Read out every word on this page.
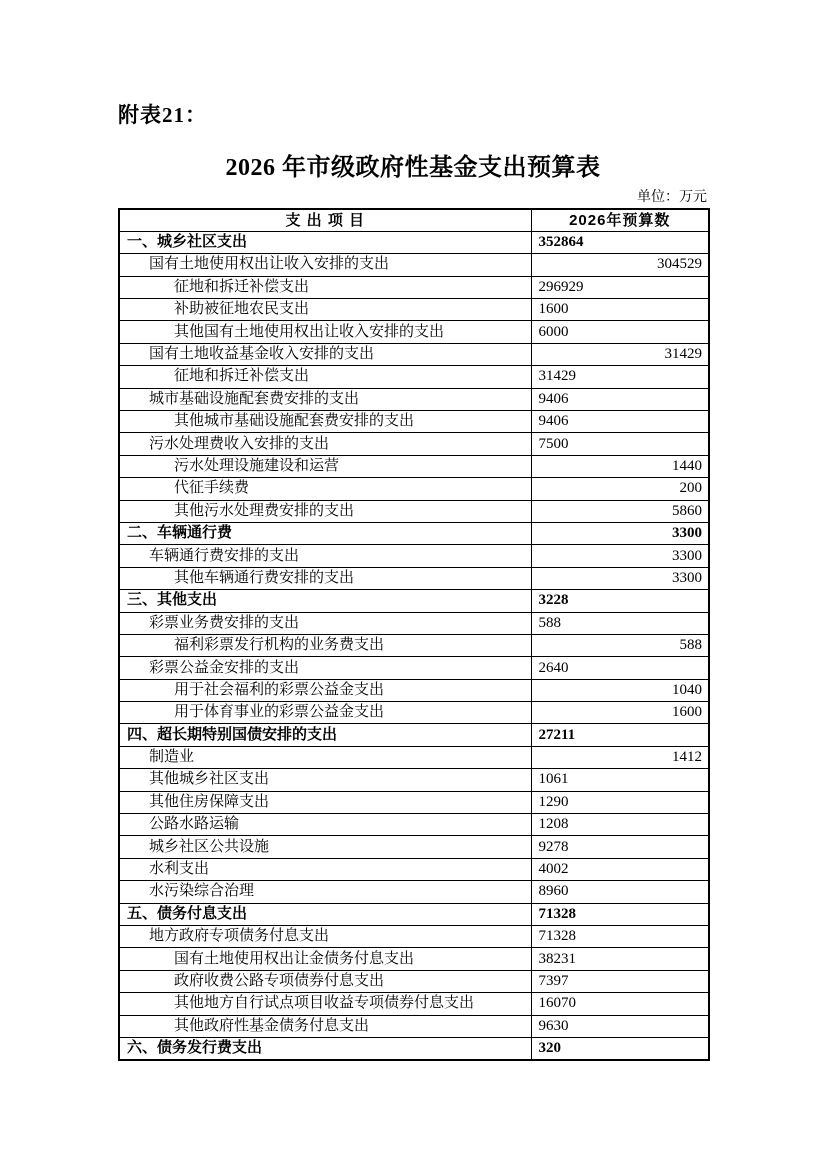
附表21：
2026 年市级政府性基金支出预算表
单位：万元
支 出 项 目	2026年预算数
一、城乡社区支出	352864
国有土地使用权出让收入安排的支出	304529
征地和拆迁补偿支出	296929
补助被征地农民支出	1600
其他国有土地使用权出让收入安排的支出	6000
国有土地收益基金收入安排的支出	31429
征地和拆迁补偿支出	31429
城市基础设施配套费安排的支出	9406
其他城市基础设施配套费安排的支出	9406
污水处理费收入安排的支出	7500
污水处理设施建设和运营	1440
代征手续费	200
其他污水处理费安排的支出	5860
二、车辆通行费	3300
车辆通行费安排的支出	3300
其他车辆通行费安排的支出	3300
三、其他支出	3228
彩票业务费安排的支出	588
福利彩票发行机构的业务费支出	588
彩票公益金安排的支出	2640
用于社会福利的彩票公益金支出	1040
用于体育事业的彩票公益金支出	1600
四、超长期特别国债安排的支出	27211
制造业	1412
其他城乡社区支出	1061
其他住房保障支出	1290
公路水路运输	1208
城乡社区公共设施	9278
水利支出	4002
水污染综合治理	8960
五、债务付息支出	71328
地方政府专项债务付息支出	71328
国有土地使用权出让金债务付息支出	38231
政府收费公路专项债券付息支出	7397
其他地方自行试点项目收益专项债券付息支出	16070
其他政府性基金债务付息支出	9630
六、债务发行费支出	320
